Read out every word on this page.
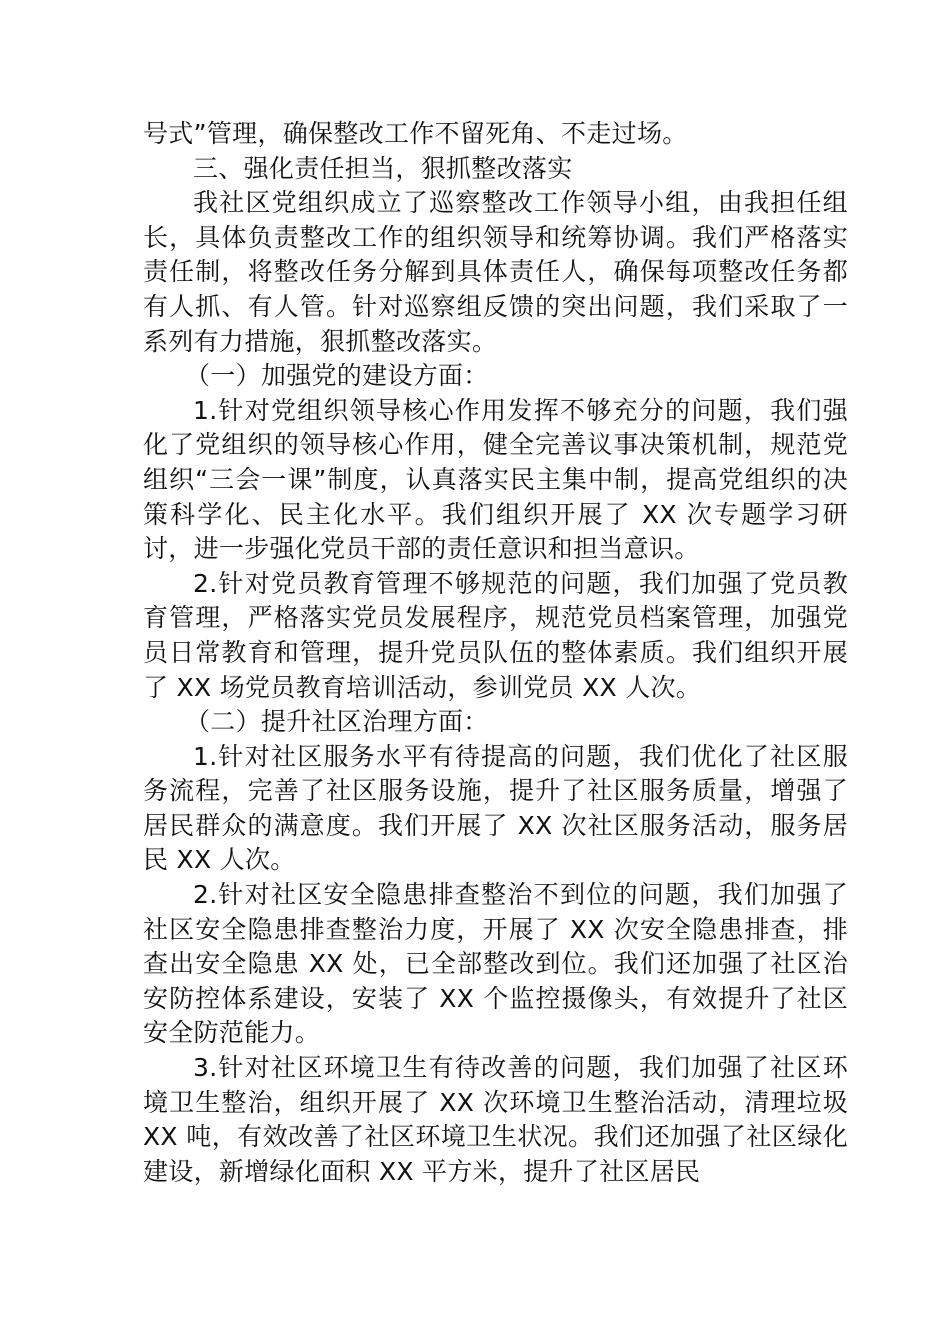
号式”管理，确保整改工作不留死角、不走过场。

三、强化责任担当，狠抓整改落实

我社区党组织成立了巡察整改工作领导小组，由我担任组长，具体负责整改工作的组织领导和统筹协调。我们严格落实责任制，将整改任务分解到具体责任人，确保每项整改任务都有人抓、有人管。针对巡察组反馈的突出问题，我们采取了一系列有力措施，狠抓整改落实。

（一）加强党的建设方面：

1.针对党组织领导核心作用发挥不够充分的问题，我们强化了党组织的领导核心作用，健全完善议事决策机制，规范党组织“三会一课”制度，认真落实民主集中制，提高党组织的决策科学化、民主化水平。我们组织开展了 XX 次专题学习研讨，进一步强化党员干部的责任意识和担当意识。

2.针对党员教育管理不够规范的问题，我们加强了党员教育管理，严格落实党员发展程序，规范党员档案管理，加强党员日常教育和管理，提升党员队伍的整体素质。我们组织开展了 XX 场党员教育培训活动，参训党员 XX 人次。

（二）提升社区治理方面：

1.针对社区服务水平有待提高的问题，我们优化了社区服务流程，完善了社区服务设施，提升了社区服务质量，增强了居民群众的满意度。我们开展了 XX 次社区服务活动，服务居民 XX 人次。

2.针对社区安全隐患排查整治不到位的问题，我们加强了社区安全隐患排查整治力度，开展了 XX 次安全隐患排查，排查出安全隐患 XX 处，已全部整改到位。我们还加强了社区治安防控体系建设，安装了 XX 个监控摄像头，有效提升了社区安全防范能力。

3.针对社区环境卫生有待改善的问题，我们加强了社区环境卫生整治，组织开展了 XX 次环境卫生整治活动，清理垃圾 XX 吨，有效改善了社区环境卫生状况。我们还加强了社区绿化建设，新增绿化面积 XX 平方米，提升了社区居民
